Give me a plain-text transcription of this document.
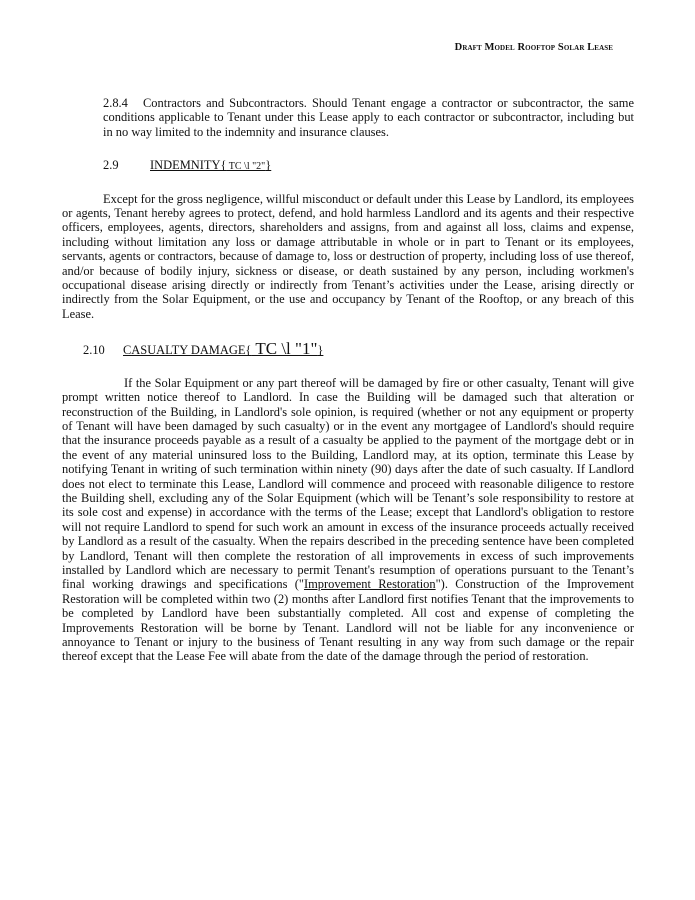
Draft Model Rooftop Solar Lease

2.8.4 Contractors and Subcontractors. Should Tenant engage a contractor or subcontractor, the same conditions applicable to Tenant under this Lease apply to each contractor or subcontractor, including but in no way limited to the indemnity and insurance clauses.

2.9	INDEMNITY{ TC \l "2"}

Except for the gross negligence, willful misconduct or default under this Lease by Landlord, its employees or agents, Tenant hereby agrees to protect, defend, and hold harmless Landlord and its agents and their respective officers, employees, agents, directors, shareholders and assigns, from and against all loss, claims and expense, including without limitation any loss or damage attributable in whole or in part to Tenant or its employees, servants, agents or contractors, because of damage to, loss or destruction of property, including loss of use thereof, and/or because of bodily injury, sickness or disease, or death sustained by any person, including workmen's occupational disease arising directly or indirectly from Tenant’s activities under the Lease, arising directly or indirectly from the Solar Equipment, or the use and occupancy by Tenant of the Rooftop, or any breach of this Lease.

2.10	CASUALTY DAMAGE{ TC \l "1"}

If the Solar Equipment or any part thereof will be damaged by fire or other casualty, Tenant will give prompt written notice thereof to Landlord. In case the Building will be damaged such that alteration or reconstruction of the Building, in Landlord's sole opinion, is required (whether or not any equipment or property of Tenant will have been damaged by such casualty) or in the event any mortgagee of Landlord's should require that the insurance proceeds payable as a result of a casualty be applied to the payment of the mortgage debt or in the event of any material uninsured loss to the Building, Landlord may, at its option, terminate this Lease by notifying Tenant in writing of such termination within ninety (90) days after the date of such casualty. If Landlord does not elect to terminate this Lease, Landlord will commence and proceed with reasonable diligence to restore the Building shell, excluding any of the Solar Equipment (which will be Tenant’s sole responsibility to restore at its sole cost and expense) in accordance with the terms of the Lease; except that Landlord's obligation to restore will not require Landlord to spend for such work an amount in excess of the insurance proceeds actually received by Landlord as a result of the casualty. When the repairs described in the preceding sentence have been completed by Landlord, Tenant will then complete the restoration of all improvements in excess of such improvements installed by Landlord which are necessary to permit Tenant's resumption of operations pursuant to the Tenant’s final working drawings and specifications ("Improvement Restoration"). Construction of the Improvement Restoration will be completed within two (2) months after Landlord first notifies Tenant that the improvements to be completed by Landlord have been substantially completed. All cost and expense of completing the Improvements Restoration will be borne by Tenant. Landlord will not be liable for any inconvenience or annoyance to Tenant or injury to the business of Tenant resulting in any way from such damage or the repair thereof except that the Lease Fee will abate from the date of the damage through the period of restoration.
